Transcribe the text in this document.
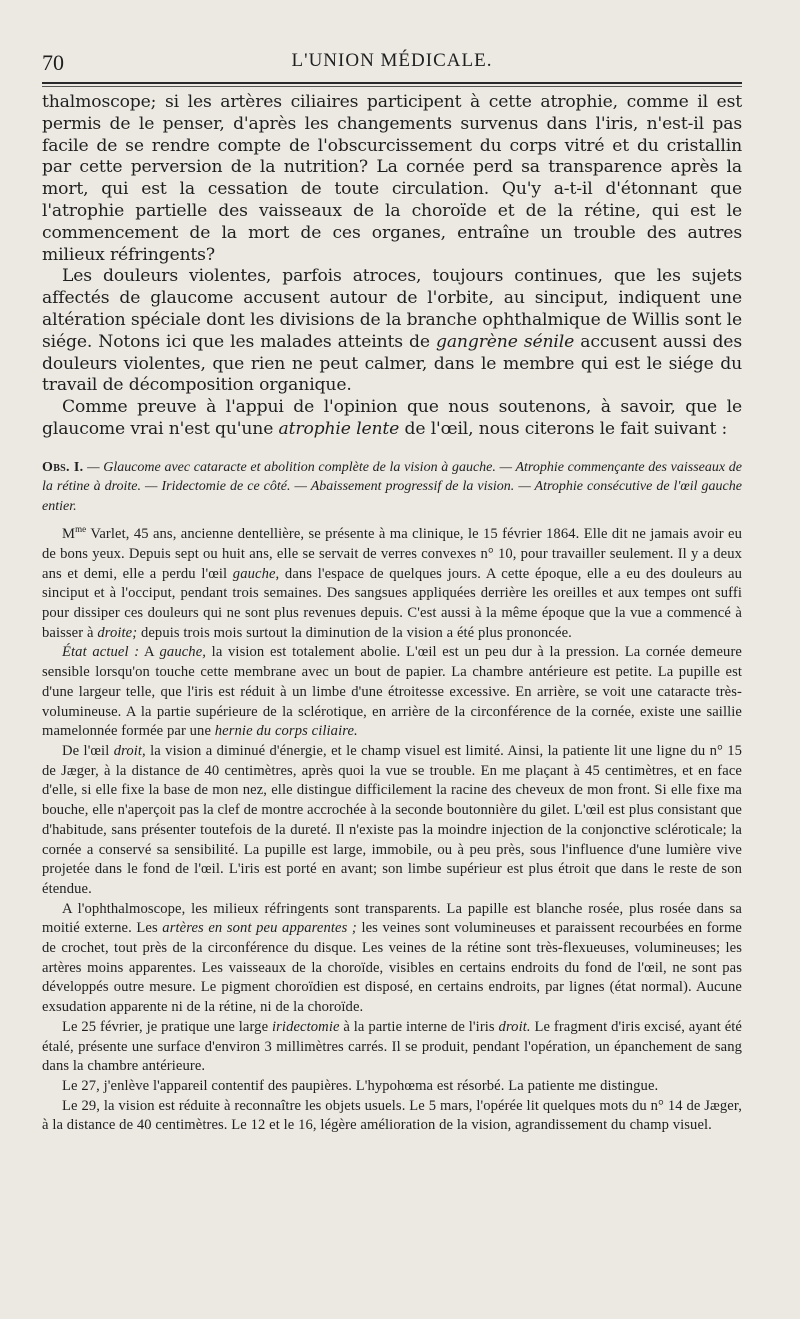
70	L'UNION MÉDICALE.

thalmoscope; si les artères ciliaires participent à cette atrophie, comme il est permis de le penser, d'après les changements survenus dans l'iris, n'est-il pas facile de se rendre compte de l'obscurcissement du corps vitré et du cristallin par cette perversion de la nutrition? La cornée perd sa transparence après la mort, qui est la cessation de toute circulation. Qu'y a-t-il d'étonnant que l'atrophie partielle des vaisseaux de la choroïde et de la rétine, qui est le commencement de la mort de ces organes, entraîne un trouble des autres milieux réfringents?

Les douleurs violentes, parfois atroces, toujours continues, que les sujets affectés de glaucome accusent autour de l'orbite, au sinciput, indiquent une altération spéciale dont les divisions de la branche ophthalmique de Willis sont le siége. Notons ici que les malades atteints de gangrène sénile accusent aussi des douleurs violentes, que rien ne peut calmer, dans le membre qui est le siége du travail de décomposition organique.

Comme preuve à l'appui de l'opinion que nous soutenons, à savoir, que le glaucome vrai n'est qu'une atrophie lente de l'œil, nous citerons le fait suivant :

Obs. I. — Glaucome avec cataracte et abolition complète de la vision à gauche. — Atrophie commençante des vaisseaux de la rétine à droite. — Iridectomie de ce côté. — Abaissement progressif de la vision. — Atrophie consécutive de l'œil gauche entier.

$M^{me}$ Varlet, 45 ans, ancienne dentellière, se présente à ma clinique, le 15 février 1864. Elle dit ne jamais avoir eu de bons yeux. Depuis sept ou huit ans, elle se servait de verres convexes n° 10, pour travailler seulement. Il y a deux ans et demi, elle a perdu l'œil gauche, dans l'espace de quelques jours. A cette époque, elle a eu des douleurs au sinciput et à l'occiput, pendant trois semaines. Des sangsues appliquées derrière les oreilles et aux tempes ont suffi pour dissiper ces douleurs qui ne sont plus revenues depuis. C'est aussi à la même époque que la vue a commencé à baisser à droite; depuis trois mois surtout la diminution de la vision a été plus prononcée.

État actuel : A gauche, la vision est totalement abolie. L'œil est un peu dur à la pression. La cornée demeure sensible lorsqu'on touche cette membrane avec un bout de papier. La chambre antérieure est petite. La pupille est d'une largeur telle, que l'iris est réduit à un limbe d'une étroitesse excessive. En arrière, se voit une cataracte très-volumineuse. A la partie supérieure de la sclérotique, en arrière de la circonférence de la cornée, existe une saillie mamelonnée formée par une hernie du corps ciliaire.

De l'œil droit, la vision a diminué d'énergie, et le champ visuel est limité. Ainsi, la patiente lit une ligne du n° 15 de Jæger, à la distance de 40 centimètres, après quoi la vue se trouble. En me plaçant à 45 centimètres, et en face d'elle, si elle fixe la base de mon nez, elle distingue difficilement la racine des cheveux de mon front. Si elle fixe ma bouche, elle n'aperçoit pas la clef de montre accrochée à la seconde boutonnière du gilet. L'œil est plus consistant que d'habitude, sans présenter toutefois de la dureté. Il n'existe pas la moindre injection de la conjonctive scléroticale; la cornée a conservé sa sensibilité. La pupille est large, immobile, ou à peu près, sous l'influence d'une lumière vive projetée dans le fond de l'œil. L'iris est porté en avant; son limbe supérieur est plus étroit que dans le reste de son étendue.

A l'ophthalmoscope, les milieux réfringents sont transparents. La papille est blanche rosée, plus rosée dans sa moitié externe. Les artères en sont peu apparentes ; les veines sont volumineuses et paraissent recourbées en forme de crochet, tout près de la circonférence du disque. Les veines de la rétine sont très-flexueuses, volumineuses; les artères moins apparentes. Les vaisseaux de la choroïde, visibles en certains endroits du fond de l'œil, ne sont pas développés outre mesure. Le pigment choroïdien est disposé, en certains endroits, par lignes (état normal). Aucune exsudation apparente ni de la rétine, ni de la choroïde.

Le 25 février, je pratique une large iridectomie à la partie interne de l'iris droit. Le fragment d'iris excisé, ayant été étalé, présente une surface d'environ 3 millimètres carrés. Il se produit, pendant l'opération, un épanchement de sang dans la chambre antérieure.

Le 27, j'enlève l'appareil contentif des paupières. L'hypohœma est résorbé. La patiente me distingue.

Le 29, la vision est réduite à reconnaître les objets usuels. Le 5 mars, l'opérée lit quelques mots du n° 14 de Jæger, à la distance de 40 centimètres. Le 12 et le 16, légère amélioration de la vision, agrandissement du champ visuel.
